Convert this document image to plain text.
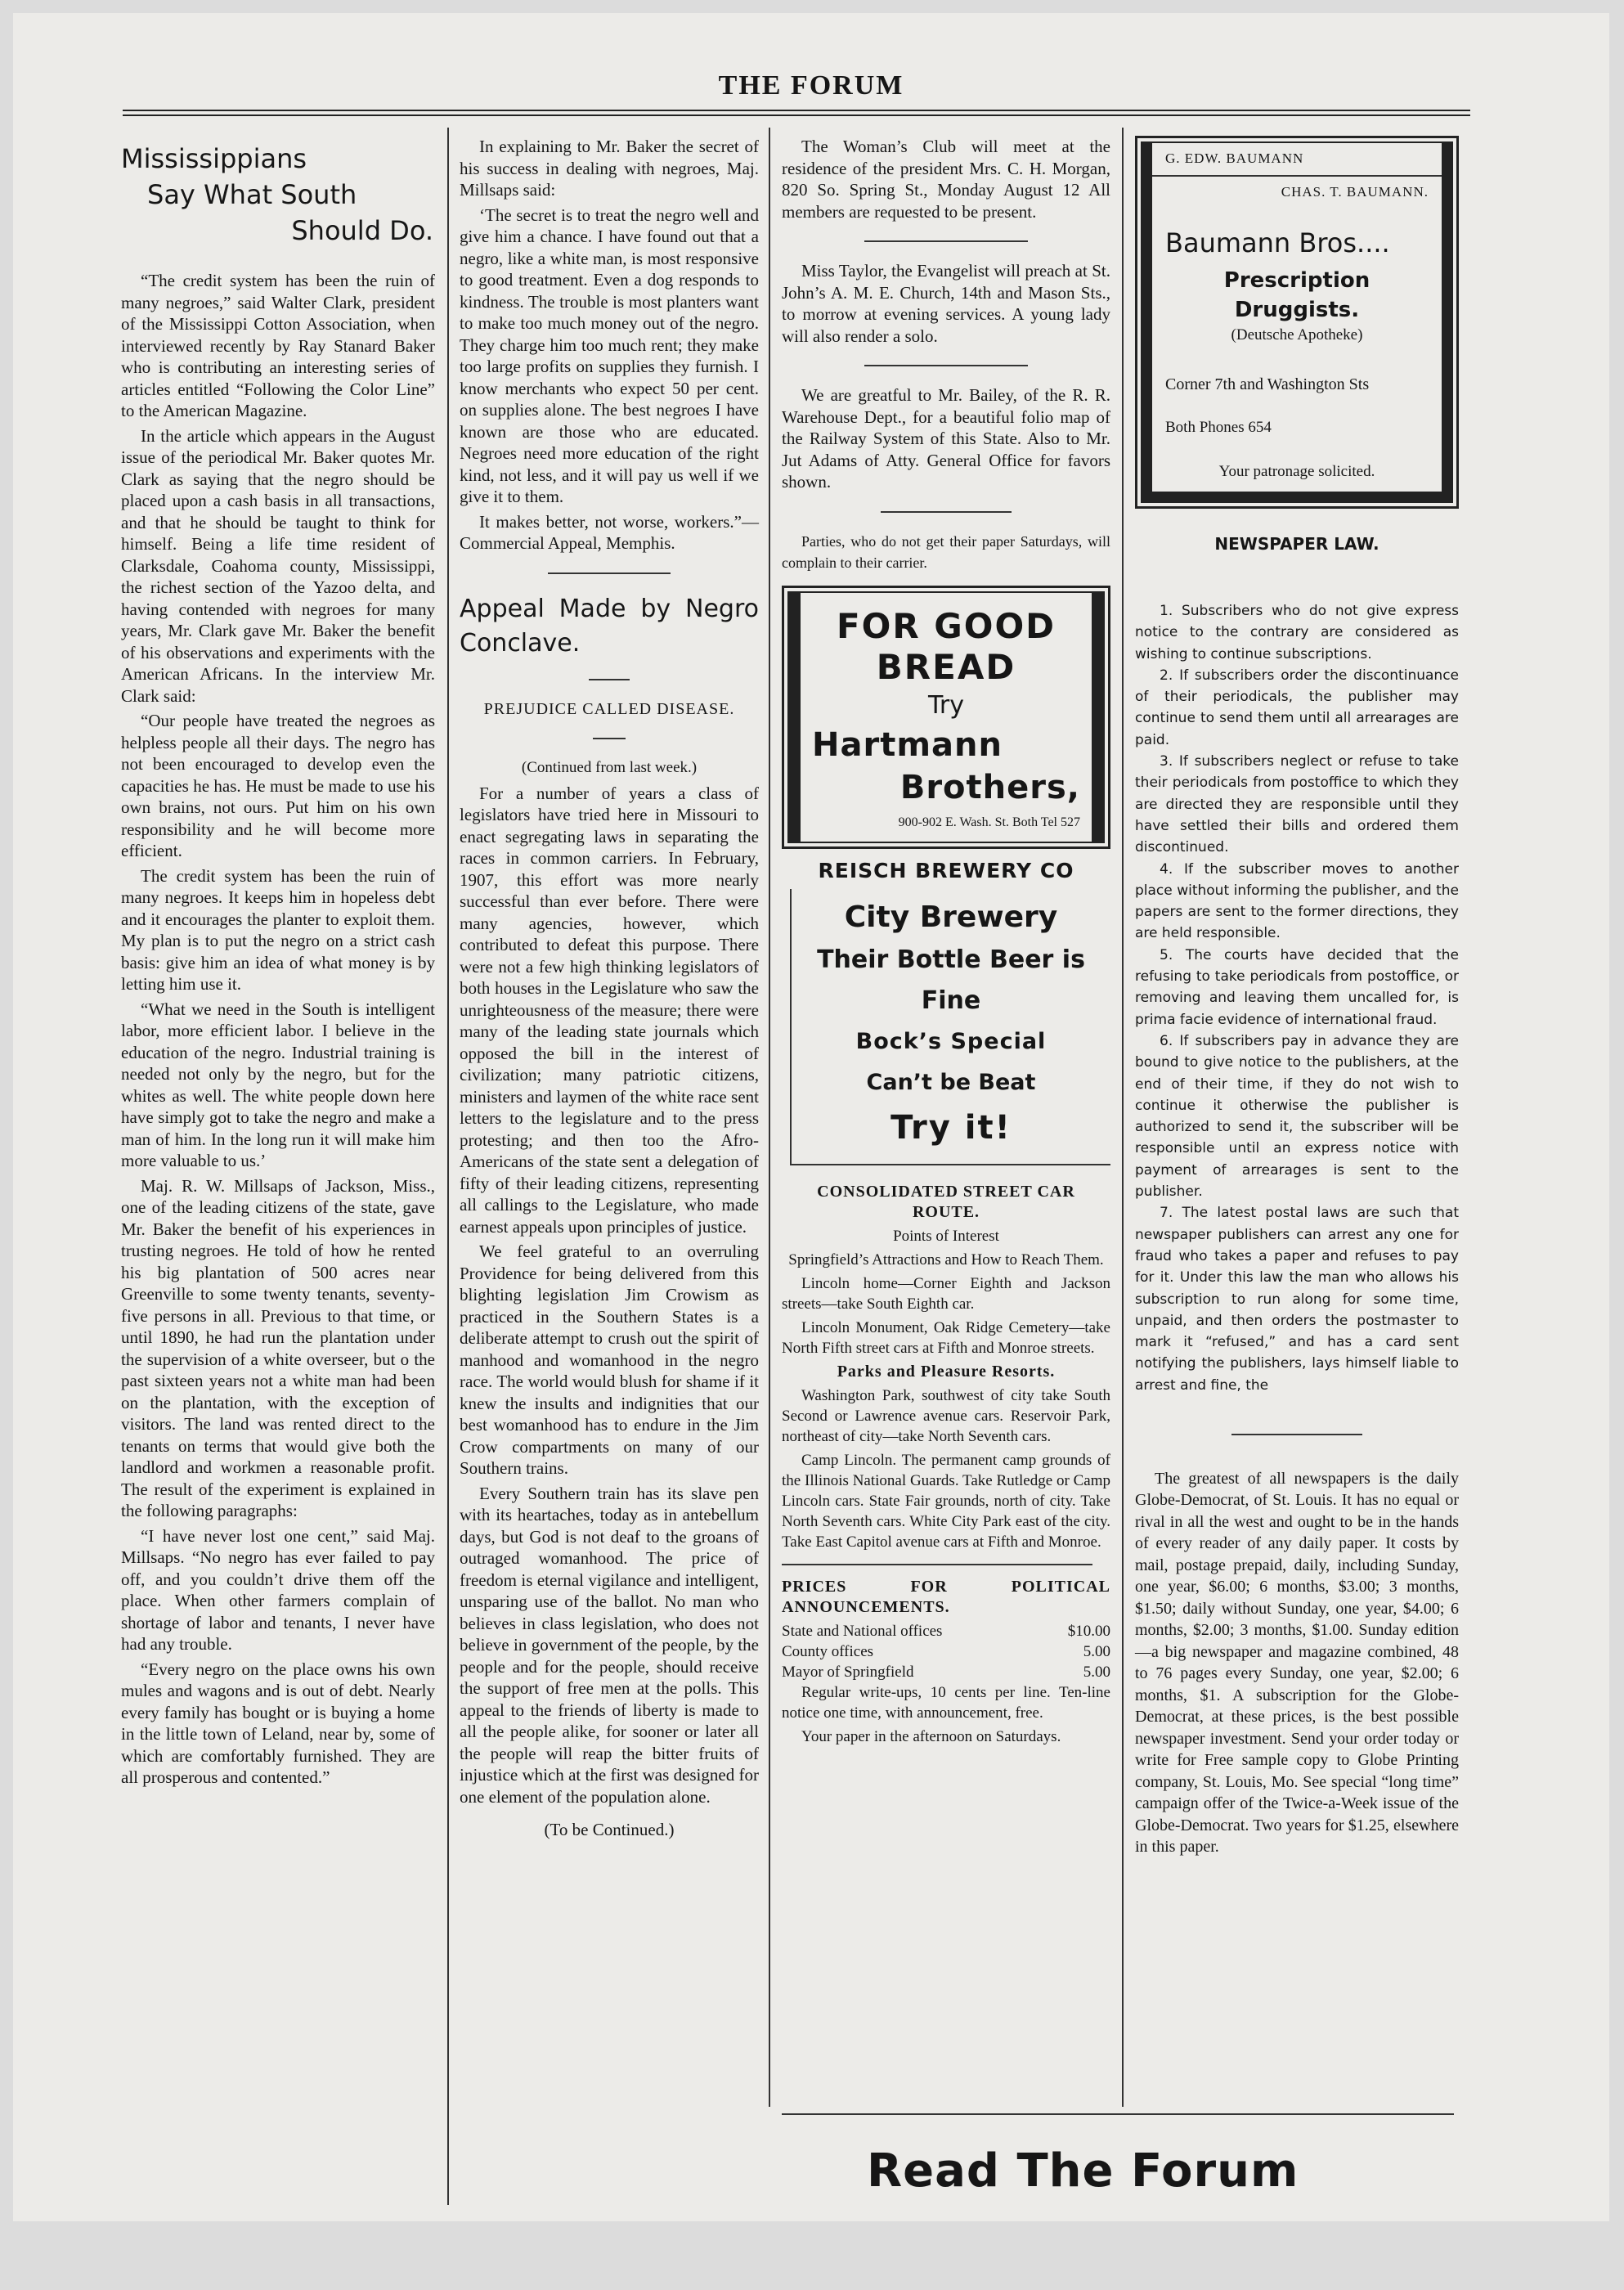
THE FORUM
Mississippians
Say What South
Should Do.

“The credit system has been the ruin of many negroes,” said Walter Clark, president of the Mississippi Cotton Association, when interviewed recently by Ray Stanard Baker who is contributing an interesting series of articles entitled “Following the Color Line” to the American Magazine.

In the article which appears in the August issue of the periodical Mr. Baker quotes Mr. Clark as saying that the negro should be placed upon a cash basis in all transactions, and that he should be taught to think for himself. Being a life time resident of Clarksdale, Coahoma county, Mississippi, the richest section of the Yazoo delta, and having contended with negroes for many years, Mr. Clark gave Mr. Baker the benefit of his observations and experiments with the American Africans. In the interview Mr. Clark said:

“Our people have treated the negroes as helpless people all their days. The negro has not been encouraged to develop even the capacities he has. He must be made to use his own brains, not ours. Put him on his own responsibility and he will become more efficient.

The credit system has been the ruin of many negroes. It keeps him in hopeless debt and it encourages the planter to exploit them. My plan is to put the negro on a strict cash basis: give him an idea of what money is by letting him use it.

“What we need in the South is intelligent labor, more efficient labor. I believe in the education of the negro. Industrial training is needed not only by the negro, but for the whites as well. The white people down here have simply got to take the negro and make a man of him. In the long run it will make him more valuable to us.’

Maj. R. W. Millsaps of Jackson, Miss., one of the leading citizens of the state, gave Mr. Baker the benefit of his experiences in trusting negroes. He told of how he rented his big plantation of 500 acres near Greenville to some twenty tenants, seventy-five persons in all. Previous to that time, or until 1890, he had run the plantation under the supervision of a white overseer, but o the past sixteen years not a white man had been on the plantation, with the exception of visitors. The land was rented direct to the tenants on terms that would give both the landlord and workmen a reasonable profit. The result of the experiment is explained in the following paragraphs:

“I have never lost one cent,” said Maj. Millsaps. “No negro has ever failed to pay off, and you couldn’t drive them off the place. When other farmers complain of shortage of labor and tenants, I never have had any trouble.

“Every negro on the place owns his own mules and wagons and is out of debt. Nearly every family has bought or is buying a home in the little town of Leland, near by, some of which are comfortably furnished. They are all prosperous and contented.”

In explaining to Mr. Baker the secret of his success in dealing with negroes, Maj. Millsaps said:

‘The secret is to treat the negro well and give him a chance. I have found out that a negro, like a white man, is most responsive to good treatment. Even a dog responds to kindness. The trouble is most planters want to make too much money out of the negro. They charge him too much rent; they make too large profits on supplies they furnish. I know merchants who expect 50 per cent. on supplies alone. The best negroes I have known are those who are educated. Negroes need more education of the right kind, not less, and it will pay us well if we give it to them.

It makes better, not worse, workers.”—Commercial Appeal, Memphis.

Appeal Made by Negro Conclave.

PREJUDICE CALLED DISEASE.

(Continued from last week.)

For a number of years a class of legislators have tried here in Missouri to enact segregating laws in separating the races in common carriers. In February, 1907, this effort was more nearly successful than ever before. There were many agencies, however, which contributed to defeat this purpose. There were not a few high thinking legislators of both houses in the Legislature who saw the unrighteousness of the measure; there were many of the leading state journals which opposed the bill in the interest of civilization; many patriotic citizens, ministers and laymen of the white race sent letters to the legislature and to the press protesting; and then too the Afro-Americans of the state sent a delegation of fifty of their leading citizens, representing all callings to the Legislature, who made earnest appeals upon principles of justice.

We feel grateful to an overruling Providence for being delivered from this blighting legislation Jim Crowism as practiced in the Southern States is a deliberate attempt to crush out the spirit of manhood and womanhood in the negro race. The world would blush for shame if it knew the insults and indignities that our best womanhood has to endure in the Jim Crow compartments on many of our Southern trains.

Every Southern train has its slave pen with its heartaches, today as in antebellum days, but God is not deaf to the groans of outraged womanhood. The price of freedom is eternal vigilance and intelligent, unsparing use of the ballot. No man who believes in class legislation, who does not believe in government of the people, by the people and for the people, should receive the support of free men at the polls. This appeal to the friends of liberty is made to all the people alike, for sooner or later all the people will reap the bitter fruits of injustice which at the first was designed for one element of the population alone.

(To be Continued.)

The Woman’s Club will meet at the residence of the president Mrs. C. H. Morgan, 820 So. Spring St., Monday August 12 All members are requested to be present.

Miss Taylor, the Evangelist will preach at St. John’s A. M. E. Church, 14th and Mason Sts., to morrow at evening services. A young lady will also render a solo.

We are greatful to Mr. Bailey, of the R. R. Warehouse Dept., for a beautiful folio map of the Railway System of this State. Also to Mr. Jut Adams of Atty. General Office for favors shown.

Parties, who do not get their paper Saturdays, will complain to their carrier.

FOR GOOD
BREAD
Try
Hartmann
Brothers,
900-902 E. Wash. St. Both Tel 527
REISCH BREWERY CO
City Brewery
Their Bottle Beer is Fine
Bock’s Special
Can’t be Beat
Try it!

CONSOLIDATED STREET CAR ROUTE.

Points of Interest

Springfield’s Attractions and How to Reach Them.

Lincoln home—Corner Eighth and Jackson streets—take South Eighth car.

Lincoln Monument, Oak Ridge Cemetery—take North Fifth street cars at Fifth and Monroe streets.

Parks and Pleasure Resorts.

Washington Park, southwest of city take South Second or Lawrence avenue cars. Reservoir Park, northeast of city—take North Seventh cars.

Camp Lincoln. The permanent camp grounds of the Illinois National Guards. Take Rutledge or Camp Lincoln cars. State Fair grounds, north of city. Take North Seventh cars. White City Park east of the city. Take East Capitol avenue cars at Fifth and Monroe.

PRICES FOR POLITICAL ANNOUNCEMENTS.

State and National offices	$10.00
County offices	5.00
Mayor of Springfield	5.00

Regular write-ups, 10 cents per line. Ten-line notice one time, with announcement, free.

Your paper in the afternoon on Saturdays.

G. EDW. BAUMANN
CHAS. T. BAUMANN.
Baumann Bros....
Prescription Druggists.
(Deutsche Apotheke)
Corner 7th and Washington Sts
Both Phones 654
Your patronage solicited.
NEWSPAPER LAW.

1. Subscribers who do not give express notice to the contrary are considered as wishing to continue subscriptions.

2. If subscribers order the discontinuance of their periodicals, the publisher may continue to send them until all arrearages are paid.

3. If subscribers neglect or refuse to take their periodicals from postoffice to which they are directed they are responsible until they have settled their bills and ordered them discontinued.

4. If the subscriber moves to another place without informing the publisher, and the papers are sent to the former directions, they are held responsible.

5. The courts have decided that the refusing to take periodicals from postoffice, or removing and leaving them uncalled for, is prima facie evidence of international fraud.

6. If subscribers pay in advance they are bound to give notice to the publishers, at the end of their time, if they do not wish to continue it otherwise the publisher is authorized to send it, the subscriber will be responsible until an express notice with payment of arrearages is sent to the publisher.

7. The latest postal laws are such that newspaper publishers can arrest any one for fraud who takes a paper and refuses to pay for it. Under this law the man who allows his subscription to run along for some time, unpaid, and then orders the postmaster to mark it “refused,” and has a card sent notifying the publishers, lays himself liable to arrest and fine, the

The greatest of all newspapers is the daily Globe-Democrat, of St. Louis. It has no equal or rival in all the west and ought to be in the hands of every reader of any daily paper. It costs by mail, postage prepaid, daily, including Sunday, one year, $6.00; 6 months, $3.00; 3 months, $1.50; daily without Sunday, one year, $4.00; 6 months, $2.00; 3 months, $1.00. Sunday edition—a big newspaper and magazine combined, 48 to 76 pages every Sunday, one year, $2.00; 6 months, $1. A subscription for the Globe-Democrat, at these prices, is the best possible newspaper investment. Send your order today or write for Free sample copy to Globe Printing company, St. Louis, Mo. See special “long time” campaign offer of the Twice-a-Week issue of the Globe-Democrat. Two years for $1.25, elsewhere in this paper.

Read The Forum
